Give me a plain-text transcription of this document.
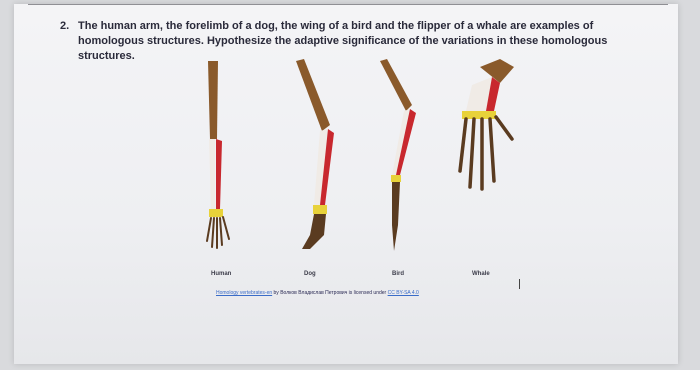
2. The human arm, the forelimb of a dog, the wing of a bird and the flipper of a whale are examples of homologous structures. Hypothesize the adaptive significance of the variations in these homologous structures.
Human	Dog	Bird	Whale
Homology vertebrates-en by Волков Владислав Петрович is licensed under CC BY-SA 4.0
